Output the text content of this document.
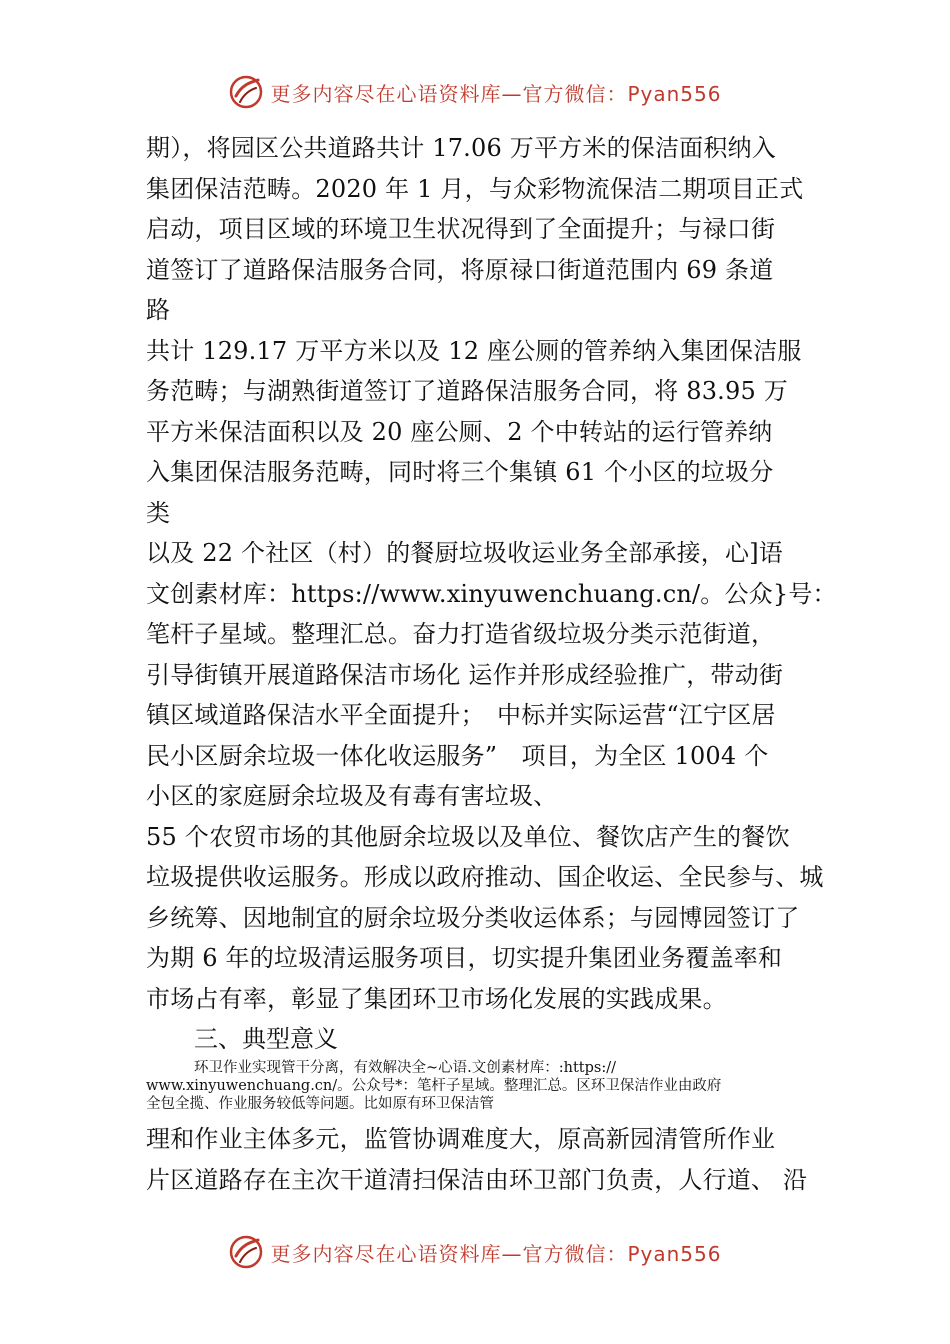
更多内容尽在心语资料库—官方微信：Pyan556
期），将园区公共道路共计 17.06 万平方米的保洁面积纳入
集团保洁范畴。2020 年 1 月，与众彩物流保洁二期项目正式
启动，项目区域的环境卫生状况得到了全面提升；与禄口街
道签订了道路保洁服务合同，将原禄口街道范围内 69 条道
路
共计 129.17 万平方米以及 12 座公厕的管养纳入集团保洁服
务范畴；与湖熟街道签订了道路保洁服务合同，将 83.95 万
平方米保洁面积以及 20 座公厕、2 个中转站的运行管养纳
入集团保洁服务范畴，同时将三个集镇 61 个小区的垃圾分
类
以及 22 个社区（村）的餐厨垃圾收运业务全部承接，心]语
文创素材库：https://www.xinyuwenchuang.cn/。公众}号：
笔杆子星域。整理汇总。奋力打造省级垃圾分类示范街道，
引导街镇开展道路保洁市场化 运作并形成经验推广，带动街
镇区域道路保洁水平全面提升；　中标并实际运营“江宁区居
民小区厨余垃圾一体化收运服务”　项目，为全区 1004 个
小区的家庭厨余垃圾及有毒有害垃圾、
55 个农贸市场的其他厨余垃圾以及单位、餐饮店产生的餐饮
垃圾提供收运服务。形成以政府推动、国企收运、全民参与、城
乡统筹、因地制宜的厨余垃圾分类收运体系；与园博园签订了
为期 6 年的垃圾清运服务项目，切实提升集团业务覆盖率和
市场占有率，彰显了集团环卫市场化发展的实践成果。
三、典型意义
环卫作业实现管干分离，有效解决全~心语.文创素材库：:https://
www.xinyuwenchuang.cn/。公众号*：笔杆子星域。整理汇总。区环卫保洁作业由政府
全包全揽、作业服务较低等问题。比如原有环卫保洁管
理和作业主体多元，监管协调难度大，原高新园清管所作业
片区道路存在主次干道清扫保洁由环卫部门负责，人行道、 沿
更多内容尽在心语资料库—官方微信：Pyan556
